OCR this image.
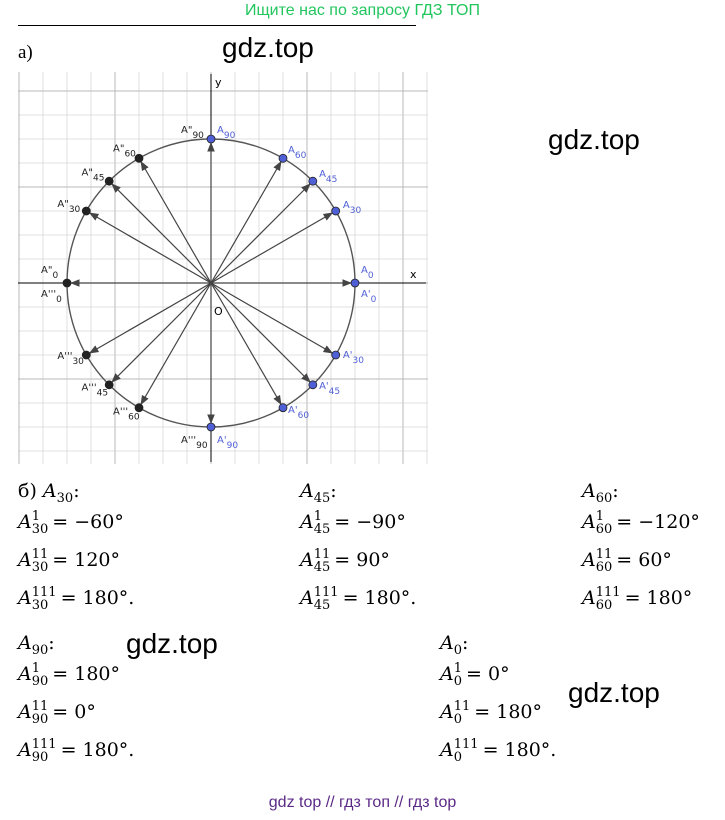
Ищите нас по запросу ГДЗ ТОП
а)	gdz.top
gdz.top
gdz.top
gdz.top
x
y
O
A0
A30
A45
A60
A90
A'0
A'30
A'45
A'60
A'90
A"0
A"30
A"45
A"60
A"90
A'''0
A'''30
A'''45
A'''60
A'''90
б) $A_{30}$:
A 1
30 = −60°
A 11
30 = 120°
A 111
30 = 180°.
$A_{45}$:
A 1
45 = −90°
A 11
45 = 90°
A 111
45 = 180°.
$A_{60}$:
A 1
60 = −120°
A 11
60 = 60°
A 111
60 = 180°
$A_{90}$:
A 1
90 = 180°
A 11
90 = 0°
A 111
90 = 180°.
$A_0$:
A 1
0 = 0°
A 11
0 = 180°
A 111
0	= 180°.
gdz top // гдз топ // гдз top
